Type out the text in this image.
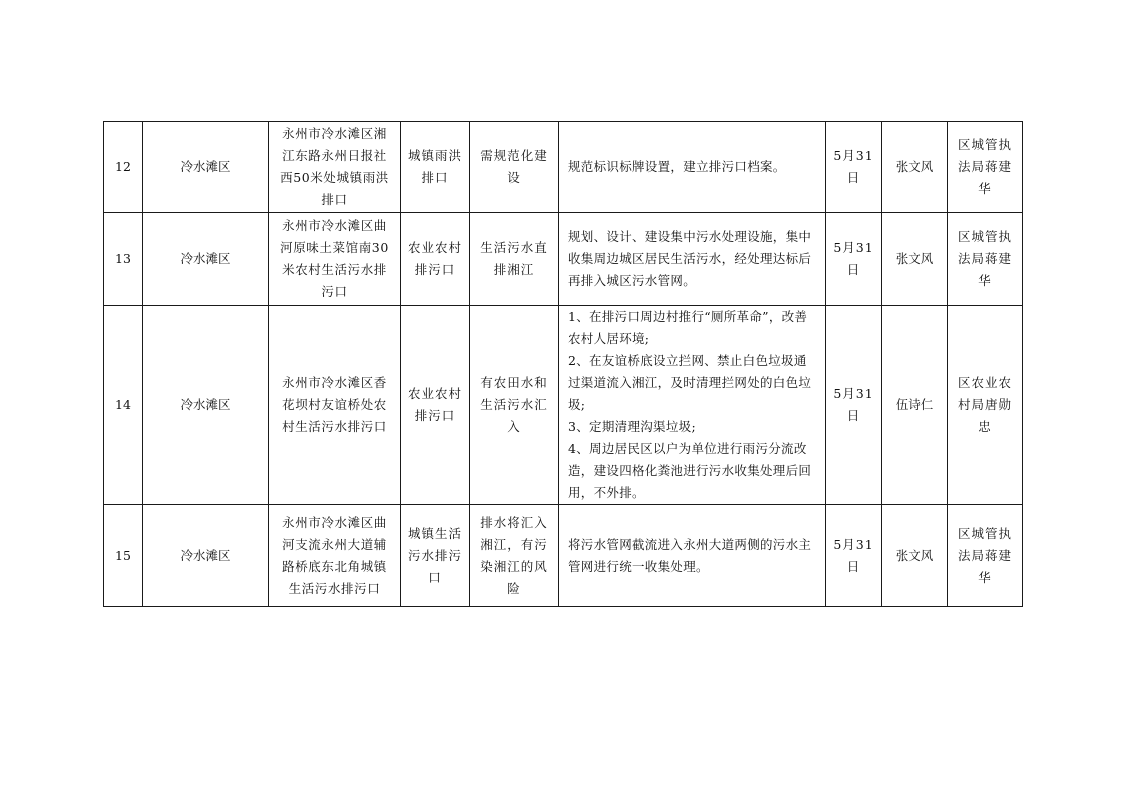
12	冷水滩区	永州市冷水滩区湘江东路永州日报社西50米处城镇雨洪排口	城镇雨洪排口	需规范化建设	规范标识标牌设置，建立排污口档案。	5月31日	张文风	区城管执法局蒋建华
13	冷水滩区	永州市冷水滩区曲河原味土菜馆南30米农村生活污水排污口	农业农村排污口	生活污水直排湘江	规划、设计、建设集中污水处理设施，集中收集周边城区居民生活污水，经处理达标后再排入城区污水管网。	5月31日	张文风	区城管执法局蒋建华
14	冷水滩区	永州市冷水滩区香花坝村友谊桥处农村生活污水排污口	农业农村排污口	有农田水和生活污水汇入	1、在排污口周边村推行“厕所革命”，改善农村人居环境;
2、在友谊桥底设立拦网、禁止白色垃圾通过渠道流入湘江，及时清理拦网处的白色垃圾;
3、定期清理沟渠垃圾;
4、周边居民区以户为单位进行雨污分流改造，建设四格化粪池进行污水收集处理后回用，不外排。	5月31日	伍诗仁	区农业农村局唐勋忠
15	冷水滩区	永州市冷水滩区曲河支流永州大道辅路桥底东北角城镇生活污水排污口	城镇生活污水排污口	排水将汇入湘江，有污染湘江的风险	将污水管网截流进入永州大道两侧的污水主管网进行统一收集处理。	5月31日	张文风	区城管执法局蒋建华
